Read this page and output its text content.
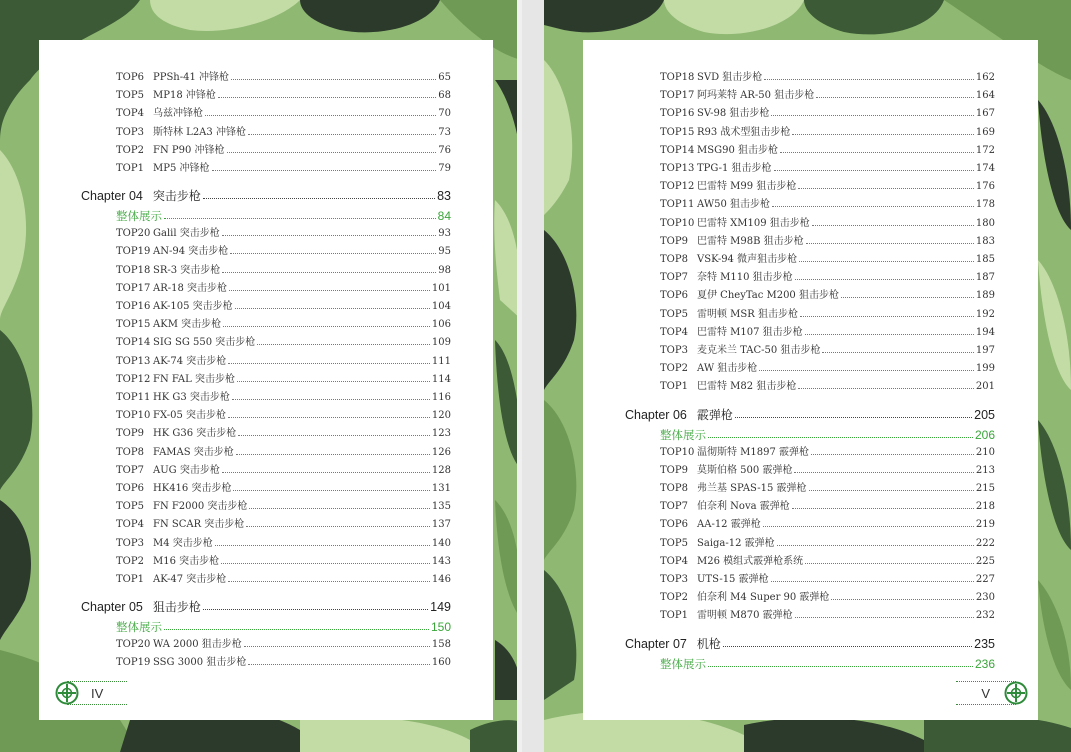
TOP6 PPSh-41 冲锋枪	65
TOP5 MP18 冲锋枪	68
TOP4 乌兹冲锋枪	70
TOP3 斯特林 L2A3 冲锋枪	73
TOP2 FN P90 冲锋枪	76
TOP1 MP5 冲锋枪	79
Chapter 04 突击步枪	83
整体展示	84
TOP20 Galil 突击步枪	93
TOP19 AN-94 突击步枪	95
TOP18 SR-3 突击步枪	98
TOP17 AR-18 突击步枪	101
TOP16 AK-105 突击步枪	104
TOP15 AKM 突击步枪	106
TOP14 SIG SG 550 突击步枪	109
TOP13 AK-74 突击步枪	111
TOP12 FN FAL 突击步枪	114
TOP11 HK G3 突击步枪	116
TOP10 FX-05 突击步枪	120
TOP9 HK G36 突击步枪	123
TOP8 FAMAS 突击步枪	126
TOP7 AUG 突击步枪	128
TOP6 HK416 突击步枪	131
TOP5 FN F2000 突击步枪	135
TOP4 FN SCAR 突击步枪	137
TOP3 M4 突击步枪	140
TOP2 M16 突击步枪	143
TOP1 AK-47 突击步枪	146
Chapter 05 狙击步枪	149
整体展示	150
TOP20 WA 2000 狙击步枪	158
TOP19 SSG 3000 狙击步枪	160
IV
TOP18 SVD 狙击步枪	162
TOP17 阿玛莱特 AR-50 狙击步枪	164
TOP16 SV-98 狙击步枪	167
TOP15 R93 战术型狙击步枪	169
TOP14 MSG90 狙击步枪	172
TOP13 TPG-1 狙击步枪	174
TOP12 巴雷特 M99 狙击步枪	176
TOP11 AW50 狙击步枪	178
TOP10 巴雷特 XM109 狙击步枪	180
TOP9 巴雷特 M98B 狙击步枪	183
TOP8 VSK-94 微声狙击步枪	185
TOP7 奈特 M110 狙击步枪	187
TOP6 夏伊 CheyTac M200 狙击步枪	189
TOP5 雷明顿 MSR 狙击步枪	192
TOP4 巴雷特 M107 狙击步枪	194
TOP3 麦克米兰 TAC-50 狙击步枪	197
TOP2 AW 狙击步枪	199
TOP1 巴雷特 M82 狙击步枪	201
Chapter 06 霰弹枪	205
整体展示	206
TOP10 温彻斯特 M1897 霰弹枪	210
TOP9 莫斯伯格 500 霰弹枪	213
TOP8 弗兰基 SPAS-15 霰弹枪	215
TOP7 伯奈利 Nova 霰弹枪	218
TOP6 AA-12 霰弹枪	219
TOP5 Saiga-12 霰弹枪	222
TOP4 M26 模组式霰弹枪系统	225
TOP3 UTS-15 霰弹枪	227
TOP2 伯奈利 M4 Super 90 霰弹枪	230
TOP1 雷明顿 M870 霰弹枪	232
Chapter 07 机枪	235
整体展示	236
V
